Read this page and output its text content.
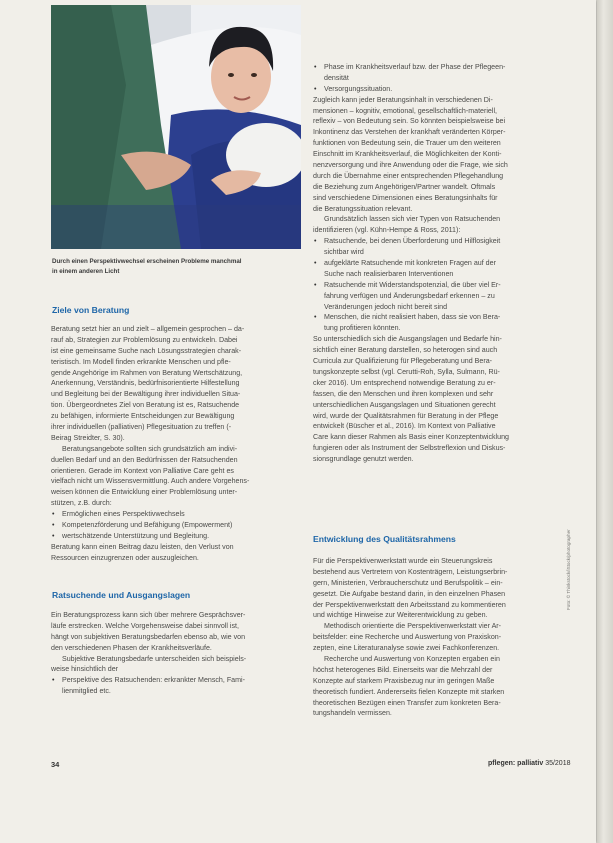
Durch einen Perspektivwechsel erscheinen Probleme manchmal
in einem anderen Licht
Ziele von Beratung
Beratung setzt hier an und zielt – allgemein gesprochen – da-
rauf ab, Strategien zur Problemlösung zu entwickeln. Dabei
ist eine gemeinsame Suche nach Lösungsstrategien charak-
teristisch. Im Modell finden erkrankte Menschen und pfle-
gende Angehörige im Rahmen von Beratung Wertschätzung,
Anerkennung, Verständnis, bedürfnisorientierte Hilfestellung
und Begleitung bei der Bewältigung ihrer individuellen Situa-
tion. Übergeordnetes Ziel von Beratung ist es, Ratsuchende
zu befähigen, informierte Entscheidungen zur Bewältigung
ihrer individuellen (palliativen) Pflegesituation zu treffen (-
Beirag Streidter, S. 30).
Beratungsangebote sollten sich grundsätzlich am indivi-
duellen Bedarf und an den Bedürfnissen der Ratsuchenden
orientieren. Gerade im Kontext von Palliative Care geht es
vielfach nicht um Wissensvermittlung. Auch andere Vorgehens-
weisen können die Entwicklung einer Problemlösung unter-
stützen, z.B. durch:
• Ermöglichen eines Perspektivwechsels
• Kompetenzförderung und Befähigung (Empowerment)
• wertschätzende Unterstützung und Begleitung.
Beratung kann einen Beitrag dazu leisten, den Verlust von
Ressourcen einzugrenzen oder auszugleichen.
Ratsuchende und Ausgangslagen
Ein Beratungsprozess kann sich über mehrere Gesprächsver-
läufe erstrecken. Welche Vorgehensweise dabei sinnvoll ist,
hängt von subjektiven Beratungsbedarfen ebenso ab, wie von
den verschiedenen Phasen der Krankheitsverläufe.
Subjektive Beratungsbedarfe unterscheiden sich beispiels-
weise hinsichtlich der
• Perspektive des Ratsuchenden: erkrankter Mensch, Fami-
lienmitglied etc.
• Phase im Krankheitsverlauf bzw. der Phase der Pflegeen-
densität
• Versorgungssituation.
Zugleich kann jeder Beratungsinhalt in verschiedenen Di-
mensionen – kognitiv, emotional, gesellschaftlich-materiell,
reflexiv – von Bedeutung sein. So könnten beispielsweise bei
Inkontinenz das Verstehen der krankhaft veränderten Körper-
funktionen von Bedeutung sein, die Trauer um den weiteren
Einschnitt im Krankheitsverlauf, die Möglichkeiten der Konti-
nenzversorgung und ihre Anwendung oder die Frage, wie sich
durch die Übernahme einer entsprechenden Pflegehandlung
die Beziehung zum Angehörigen/Partner wandelt. Oftmals
sind verschiedene Dimensionen eines Beratungsinhalts für
die Beratungssituation relevant.
Grundsätzlich lassen sich vier Typen von Ratsuchenden
identifizieren (vgl. Kühn-Hempe & Ross, 2011):
• Ratsuchende, bei denen Überforderung und Hilflosigkeit
sichtbar wird
• aufgeklärte Ratsuchende mit konkreten Fragen auf der
Suche nach realisierbaren Interventionen
• Ratsuchende mit Widerstandspotenzial, die über viel Er-
fahrung verfügen und Änderungsbedarf erkennen – zu
Veränderungen jedoch nicht bereit sind
• Menschen, die nicht realisiert haben, dass sie von Bera-
tung profitieren könnten.
So unterschiedlich sich die Ausgangslagen und Bedarfe hin-
sichtlich einer Beratung darstellen, so heterogen sind auch
Curricula zur Qualifizierung für Pflegeberatung und Bera-
tungskonzepte selbst (vgl. Cerutti-Roh, Sylla, Sulmann, Rü-
cker 2016). Um entsprechend notwendige Beratung zu er-
fassen, die den Menschen und ihren komplexen und sehr
unterschiedlichen Ausgangslagen und Situationen gerecht
wird, wurde der Qualitätsrahmen für Beratung in der Pflege
entwickelt (Büscher et al., 2016). Im Kontext von Palliative
Care kann dieser Rahmen als Basis einer Konzeptentwicklung
fungieren oder als Instrument der Selbstreflexion und Diskus-
sionsgrundlage genutzt werden.
Entwicklung des Qualitätsrahmens
Für die Perspektivenwerkstatt wurde ein Steuerungskreis
bestehend aus Vertretern von Kostenträgern, Leistungserbrin-
gern, Ministerien, Verbraucherschutz und Berufspolitik – ein-
gesetzt. Die Aufgabe bestand darin, in den einzelnen Phasen
der Perspektivenwerkstatt den Arbeitsstand zu kommentieren
und wichtige Hinweise zur Weiterentwicklung zu geben.
Methodisch orientierte die Perspektivenwerkstatt vier Ar-
beitsfelder: eine Recherche und Auswertung von Praxiskon-
zepten, eine Literaturanalyse sowie zwei Fachkonferenzen.
Recherche und Auswertung von Konzepten ergaben ein
höchst heterogenes Bild. Einerseits war die Mehrzahl der
Konzepte auf starkem Praxisbezug nur im geringen Maße
theoretisch fundiert. Andererseits fielen Konzepte mit starken
theoretischen Bezügen einen Transfer zum konkreten Bera-
tungshandeln vermissen.
Foto: © Thinkstock/iStock/photographer
34	pflegen: palliativ 35/2018
